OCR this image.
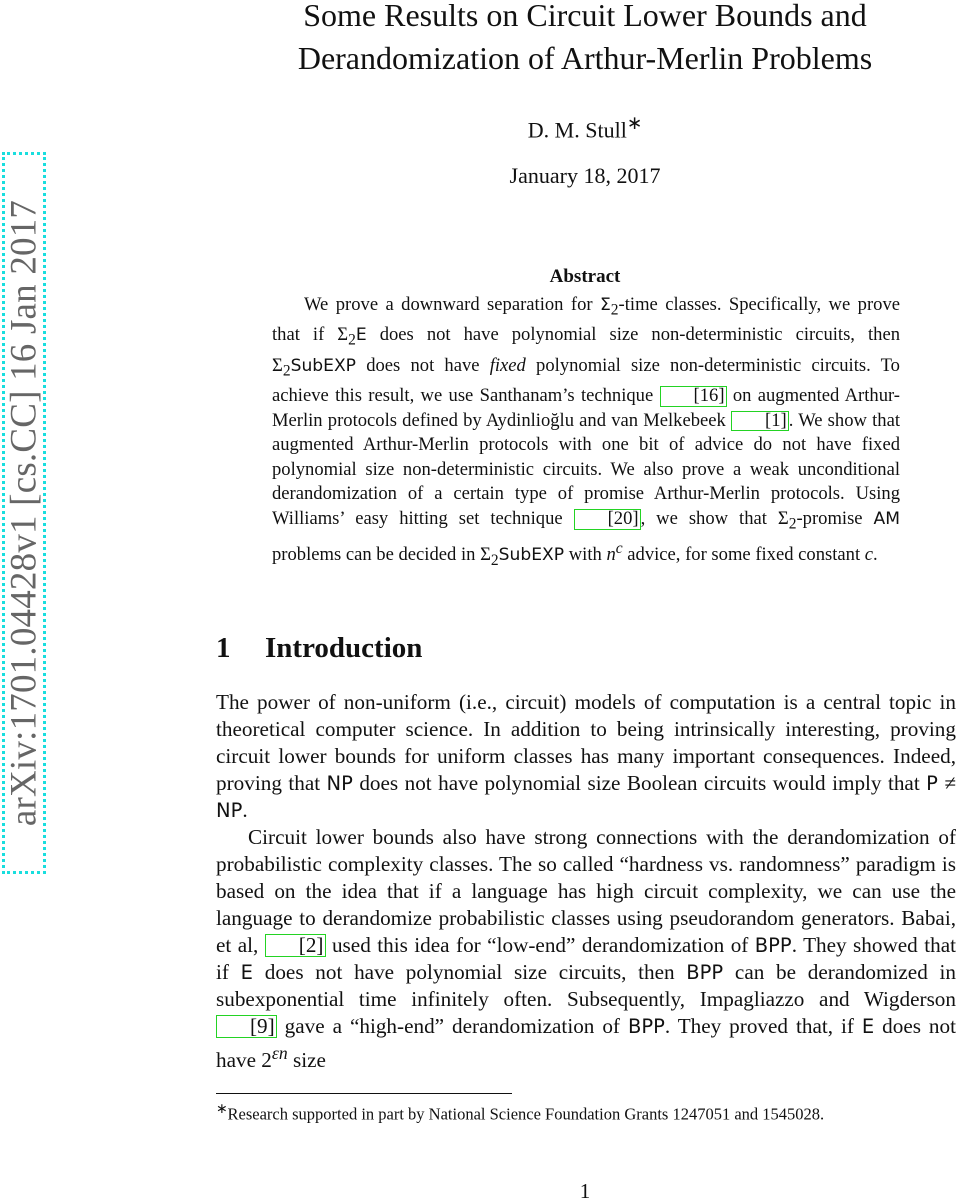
arXiv:1701.04428v1 [cs.CC] 16 Jan 2017
Some Results on Circuit Lower Bounds and
Derandomization of Arthur-Merlin Problems
D. M. Stull∗
January 18, 2017
Abstract

We prove a downward separation for $\Sigma_2$-time classes. Specifically, we prove that if $\Sigma_2E$ does not have polynomial size non-deterministic circuits, then $\Sigma_2SubEXP$ does not have fixed polynomial size non-deterministic circuits. To achieve this result, we use Santhanam’s technique [16] on augmented Arthur-Merlin protocols defined by Aydinlioğlu and van Melkebeek [1] . We show that augmented Arthur-Merlin protocols with one bit of advice do not have fixed polynomial size non-deterministic circuits. We also prove a weak unconditional derandomization of a certain type of promise Arthur-Merlin protocols. Using Williams’ easy hitting set technique [20] , we show that $\Sigma_2$-promise AM problems can be decided in $\Sigma_2SubEXP$ with $n^c$ advice, for some fixed constant c.

1 Introduction

The power of non-uniform (i.e., circuit) models of computation is a central topic in theoretical computer science. In addition to being intrinsically interesting, proving circuit lower bounds for uniform classes has many important consequences. Indeed, proving that NP does not have polynomial size Boolean circuits would imply that P ≠ NP.

Circuit lower bounds also have strong connections with the derandomization of probabilistic complexity classes. The so called “hardness vs. randomness” paradigm is based on the idea that if a language has high circuit complexity, we can use the language to derandomize probabilistic classes using pseudorandom generators. Babai, et al, [2] used this idea for “low-end” derandomization of BPP. They showed that if E does not have polynomial size circuits, then BPP can be derandomized in subexponential time infinitely often. Subsequently, Impagliazzo and Wigderson [9] gave a “high-end” derandomization of BPP. They proved that, if E does not have $2^{\varepsilon n}$ size

∗Research supported in part by National Science Foundation Grants 1247051 and 1545028.

1
